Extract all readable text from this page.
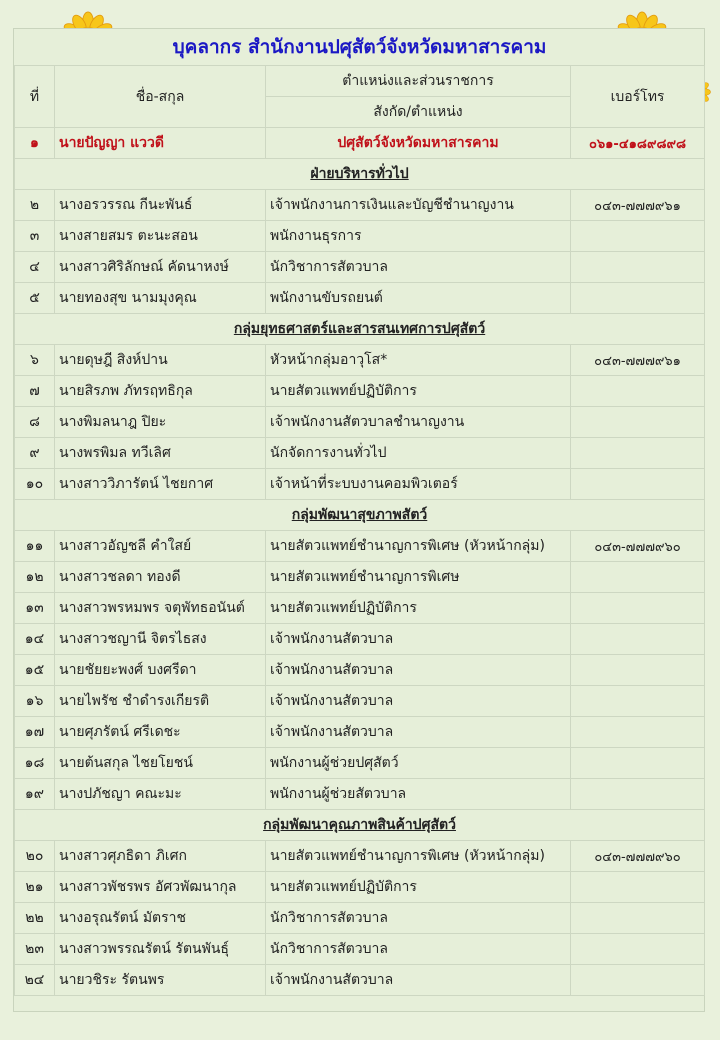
บุคลากร สำนักงานปศุสัตว์จังหวัดมหาสารคาม			
ที่	ชื่อ-สกุล	ตำแหน่งและส่วนราชการ	เบอร์โทร
		สังกัด/ตำแหน่ง	
๑	นายปัญญา แววดี	ปศุสัตว์จังหวัดมหาสารคาม	๐๖๑-๔๑๘๙๘๙๘
ฝ่ายบริหารทั่วไป			
๒	นางอรวรรณ กีนะพันธ์	เจ้าพนักงานการเงินและบัญชีชำนาญงาน	๐๔๓-๗๗๗๙๖๑
๓	นางสายสมร ตะนะสอน	พนักงานธุรการ	
๔	นางสาวศิริลักษณ์ คัดนาหงษ์	นักวิชาการสัตวบาล	
๕	นายทองสุข นามมุงคุณ	พนักงานขับรถยนต์	
กลุ่มยุทธศาสตร์และสารสนเทศการปศุสัตว์			
๖	นายดุษฎี สิงห์ปาน	หัวหน้ากลุ่มอาวุโส*	๐๔๓-๗๗๗๙๖๑
๗	นายสิรภพ ภัทรฤทธิกุล	นายสัตวแพทย์ปฏิบัติการ	
๘	นางพิมลนาฎ ปิยะ	เจ้าพนักงานสัตวบาลชำนาญงาน	
๙	นางพรพิมล ทวีเลิศ	นักจัดการงานทั่วไป	
๑๐	นางสาววิภารัตน์ ไชยกาศ	เจ้าหน้าที่ระบบงานคอมพิวเตอร์	
กลุ่มพัฒนาสุขภาพสัตว์			
๑๑	นางสาวอัญชลี คำใสย์	นายสัตวแพทย์ชำนาญการพิเศษ (หัวหน้ากลุ่ม)	๐๔๓-๗๗๗๙๖๐
๑๒	นางสาวชลดา ทองดี	นายสัตวแพทย์ชำนาญการพิเศษ	
๑๓	นางสาวพรหมพร จตุพัทธอนันต์	นายสัตวแพทย์ปฏิบัติการ	
๑๔	นางสาวชญานี จิตรไธสง	เจ้าพนักงานสัตวบาล	
๑๕	นายชัยยะพงศ์ บงศรีดา	เจ้าพนักงานสัตวบาล	
๑๖	นายไพรัช ชำดำรงเกียรติ	เจ้าพนักงานสัตวบาล	
๑๗	นายศุภรัตน์ ศรีเดชะ	เจ้าพนักงานสัตวบาล	
๑๘	นายต้นสกุล ไชยโยชน์	พนักงานผู้ช่วยปศุสัตว์	
๑๙	นางปภัชญา คณะมะ	พนักงานผู้ช่วยสัตวบาล	
กลุ่มพัฒนาคุณภาพสินค้าปศุสัตว์			
๒๐	นางสาวศุภธิดา ภิเศก	นายสัตวแพทย์ชำนาญการพิเศษ (หัวหน้ากลุ่ม)	๐๔๓-๗๗๗๙๖๐
๒๑	นางสาวพัชรพร อัศวพัฒนากุล	นายสัตวแพทย์ปฏิบัติการ	
๒๒	นางอรุณรัตน์ มัตราช	นักวิชาการสัตวบาล	
๒๓	นางสาวพรรณรัตน์ รัตนพันธุ์	นักวิชาการสัตวบาล	
๒๔	นายวชิระ รัตนพร	เจ้าพนักงานสัตวบาล	
